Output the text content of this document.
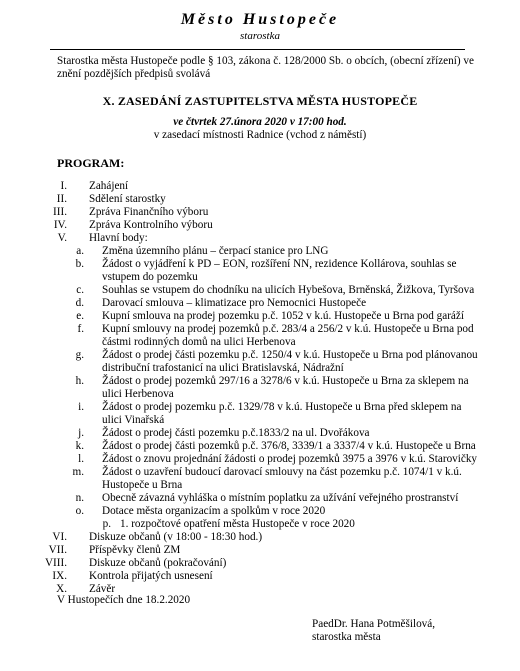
Město Hustopeče
starostka
Starostka města Hustopeče podle § 103, zákona č. 128/2000 Sb. o obcích, (obecní zřízení) ve znění pozdějších předpisů svolává
X. ZASEDÁNÍ ZASTUPITELSTVA MĚSTA HUSTOPEČE
ve čtvrtek 27.února 2020 v 17:00 hod.
v zasedací místnosti Radnice (vchod z náměstí)
PROGRAM:
I. Zahájení
II. Sdělení starostky
III. Zpráva Finančního výboru
IV. Zpráva Kontrolního výboru
V. Hlavní body:
a. Změna územního plánu – čerpací stanice pro LNG
b. Žádost o vyjádření k PD – EON, rozšíření NN, rezidence Kollárova, souhlas se vstupem do pozemku
c. Souhlas se vstupem do chodníku na ulicích Hybešova, Brněnská, Žižkova, Tyršova
d. Darovací smlouva – klimatizace pro Nemocnici Hustopeče
e. Kupní smlouva na prodej pozemku p.č. 1052 v k.ú. Hustopeče u Brna pod garáží
f. Kupní smlouvy na prodej pozemků p.č. 283/4 a 256/2 v k.ú. Hustopeče u Brna pod částmi rodinných domů na ulici Herbenova
g. Žádost o prodej části pozemku p.č. 1250/4 v k.ú. Hustopeče u Brna pod plánovanou distribuční trafostanicí na ulici Bratislavská, Nádražní
h. Žádost o prodej pozemků 297/16 a 3278/6 v k.ú. Hustopeče u Brna za sklepem na ulici Herbenova
i. Žádost o prodej pozemku p.č. 1329/78 v k.ú. Hustopeče u Brna před sklepem na ulici Vinařská
j. Žádost o prodej části pozemku p.č.1833/2 na ul. Dvořákova
k. Žádost o prodej části pozemků p.č. 376/8, 3339/1 a 3337/4 v k.ú. Hustopeče u Brna
l. Žádost o znovu projednání žádosti o prodej pozemků 3975 a 3976 v k.ú. Starovičky
m. Žádost o uzavření budoucí darovací smlouvy na část pozemku p.č. 1074/1 v k.ú. Hustopeče u Brna
n. Obecně závazná vyhláška o místním poplatku za užívání veřejného prostranství
o. Dotace města organizacím a spolkům v roce 2020
p. 1. rozpočtové opatření města Hustopeče v roce 2020
VI. Diskuze občanů (v 18:00 - 18:30 hod.)
VII. Příspěvky členů ZM
VIII. Diskuze občanů (pokračování)
IX. Kontrola přijatých usnesení
X. Závěr
V Hustopečích dne 18.2.2020
PaedDr. Hana Potměšilová,
starostka města
